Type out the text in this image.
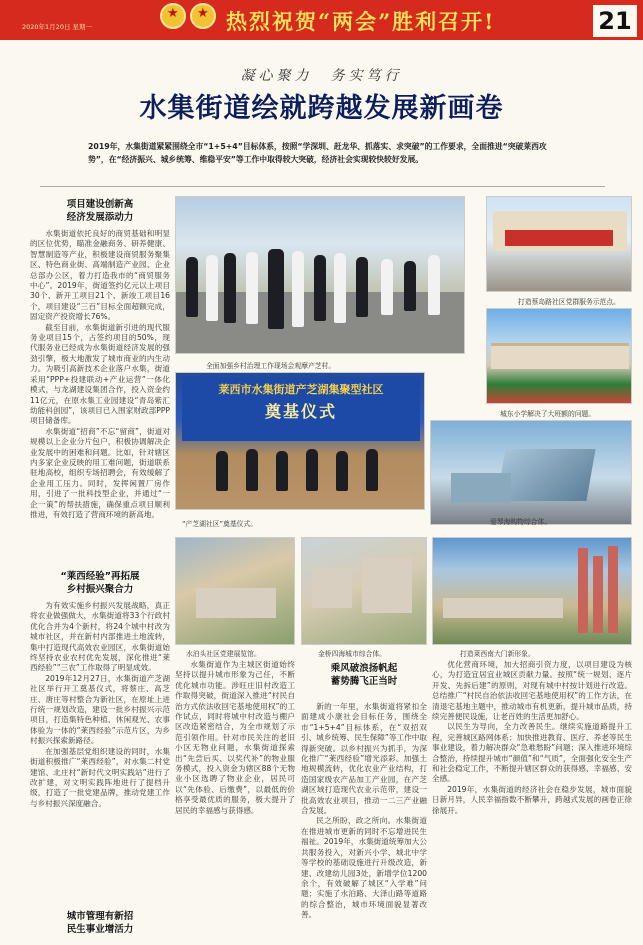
2020年1月20日 星期一 ★ ★	热烈祝贺“两会”胜利召开!	21
凝心聚力　务实笃行
水集街道绘就跨越发展新画卷
2019年，水集街道紧紧围绕全市“1+5+4”目标体系，按照“学深圳、赶龙华、抓落实、求突破”的工作要求，全面推进“突破莱西攻势”，在“经济振兴、城乡统筹、维稳平安”等工作中取得较大突破，经济社会实现较快较好发展。
项目建设创新高
经济发展添动力

水集街道依托良好的商贸基础和明显的区位优势，瞄准金融商务、研养健康、智慧制造等产业，积极建设商贸服务聚集区、特色商业街、高端制造产业园、企业总部办公区，着力打造我市的“商贸服务中心”。2019年，街道签约亿元以上项目30个、新开工项目21个、新竣工项目16个，项目建设“三百”目标全面超额完成，固定资产投资增长76%。

截至目前，水集街道新引进的现代服务业项目15个，占签约项目的50%，现代服务业已经成为水集街道经济发展的强劲引擎，极大地激发了城市商业的内生动力。为吸引高新技术企业落户水集，街道采用“PPP+投建联动+产业运营”一体化模式，与龙湖建设集团合作，投入资金约11亿元，在原水集工业园建设“青岛紫汇幼能科创园”，该项目已入围家财政部PPP项目储备库。

水集街道“招商”不忘“留商”，街道对规模以上企业分片包户，积极协调解决企业发展中的困难和问题。比如，针对辖区内多家企业反映的用工难问题，街道联系驻地高校，组织专场招聘会，有效缓解了企业用工压力。同时，发挥闲置厂房作用，引进了一批科技型企业，并通过“一企一策”的帮扶措施，确保重点项目顺利推进，有效打造了营商环境的新高地。

“莱西经验”再拓展
乡村振兴聚合力

为有效实施乡村振兴发展战略，真正将农业做强做大，水集街道将33个行政村优化合并为4个新村，将24个城中村改为城市社区，并在新村内部推进土地流转，集中打造现代高效农业园区，水集街道始终坚持农业农村优先发展，深化推进“莱西经验”“三农”工作取得了明显成效。

2019年12月27日，水集街道产芝湖社区举行开工奠基仪式，将蔡庄、高芝庄、唐庄等村整合为新社区，在原址上进行统一规划改造，建设一批乡村振兴示范项目，打造集特色种植、休闲观光、农事体验为一体的“莱西经验”示范片区，为乡村振兴探索新路径。

在加强基层党组织建设的同时，水集街道积极推广“莱西经验”，对水集二村党建馆、北庄村“新时代文明实践站”进行了改扩建，对文明实践阵地进行了提档升级，打造了一批党建品牌，推动党建工作与乡村振兴深度融合。

城市管理有新招
民生事业增活力
全面加强乡村治理工作现场会观摩产芝村。
打造蔡岛路社区党群服务示范点。
城东小学解决了大班额的问题。
莱西市水集街道产芝湖集聚型社区
奠基仪式
“产芝湖社区”奠基仪式。	爱琴海购物综合体。
水泊头社区党建展览馆。	金桥四海城市综合体。	打造莱西南大门新形象。

水集街道作为主城区街道始终坚持以提升城市形象为己任，不断优化城市功能。涉旺庄旧村改造工作取得突破，街道深入推进“村民自治方式依法收回宅基地使用权”的工作试点，同时将城中村改造与棚户区改造紧密结合，为全市规划了示范引领作用。针对市民关注的老旧小区无物业问题，水集街道探索出“先尝后买、以奖代补”的物业服务模式，投入资金为辖区88个无物业小区选聘了物业企业，居民可以“先体验、后缴费”，以最低的价格享受最优质的服务，极大提升了居民的幸福感与获得感。

乘风破浪扬帆起
蓄势腾飞正当时

新的一年里，水集街道将紧扣全面建成小康社会目标任务，围绕全市“1+5+4”目标体系，在“双招双引、城乡统筹、民生保障”等工作中取得新突破。以乡村振兴为抓手，为深化推广“莱西经验”增光添彩。加强土地规模流转，优化农业产业结构，打造国家级农产品加工产业园，在产芝湖区域打造现代农业示范带，建设一批高效农业项目，推动一二三产业融合发展。

民之所盼，政之所向。水集街道在推进城市更新的同时不忘增进民生福祉。2019年，水集街道统筹加大公共服务投入，对新兴小学、城北中学等学校的基础设施进行升级改造，新建、改建幼儿园3处，新增学位1200余个，有效破解了城区“入学难”问题；实施了水泊路、大泽山路等道路的综合整治，城市环境面貌显著改善。

优化营商环境，加大招商引资力度，以项目建设为核心，为打造宜居宜业城区贡献力量。按照“统一规划、逐片开发、先拆后建”的原则，对现有城中村按计划进行改造。总结推广“村民自治依法收回宅基地使用权”的工作方法，在清退宅基地主题中，推动城市有机更新，提升城市品质，持续完善便民设施，让老百姓的生活更加舒心。

以民生为导向，全力改善民生。继续实施道路提升工程，完善城区路网体系；加快推进教育、医疗、养老等民生事业建设，着力解决群众“急难愁盼”问题；深入推进环境综合整治，持续提升城市“颜值”和“气质”，全面强化安全生产和社会稳定工作，不断提升辖区群众的获得感、幸福感、安全感。

2019年，水集街道的经济社会在稳步发展，城市面貌日新月异，人民幸福指数不断攀升，跨越式发展的画卷正徐徐展开。
